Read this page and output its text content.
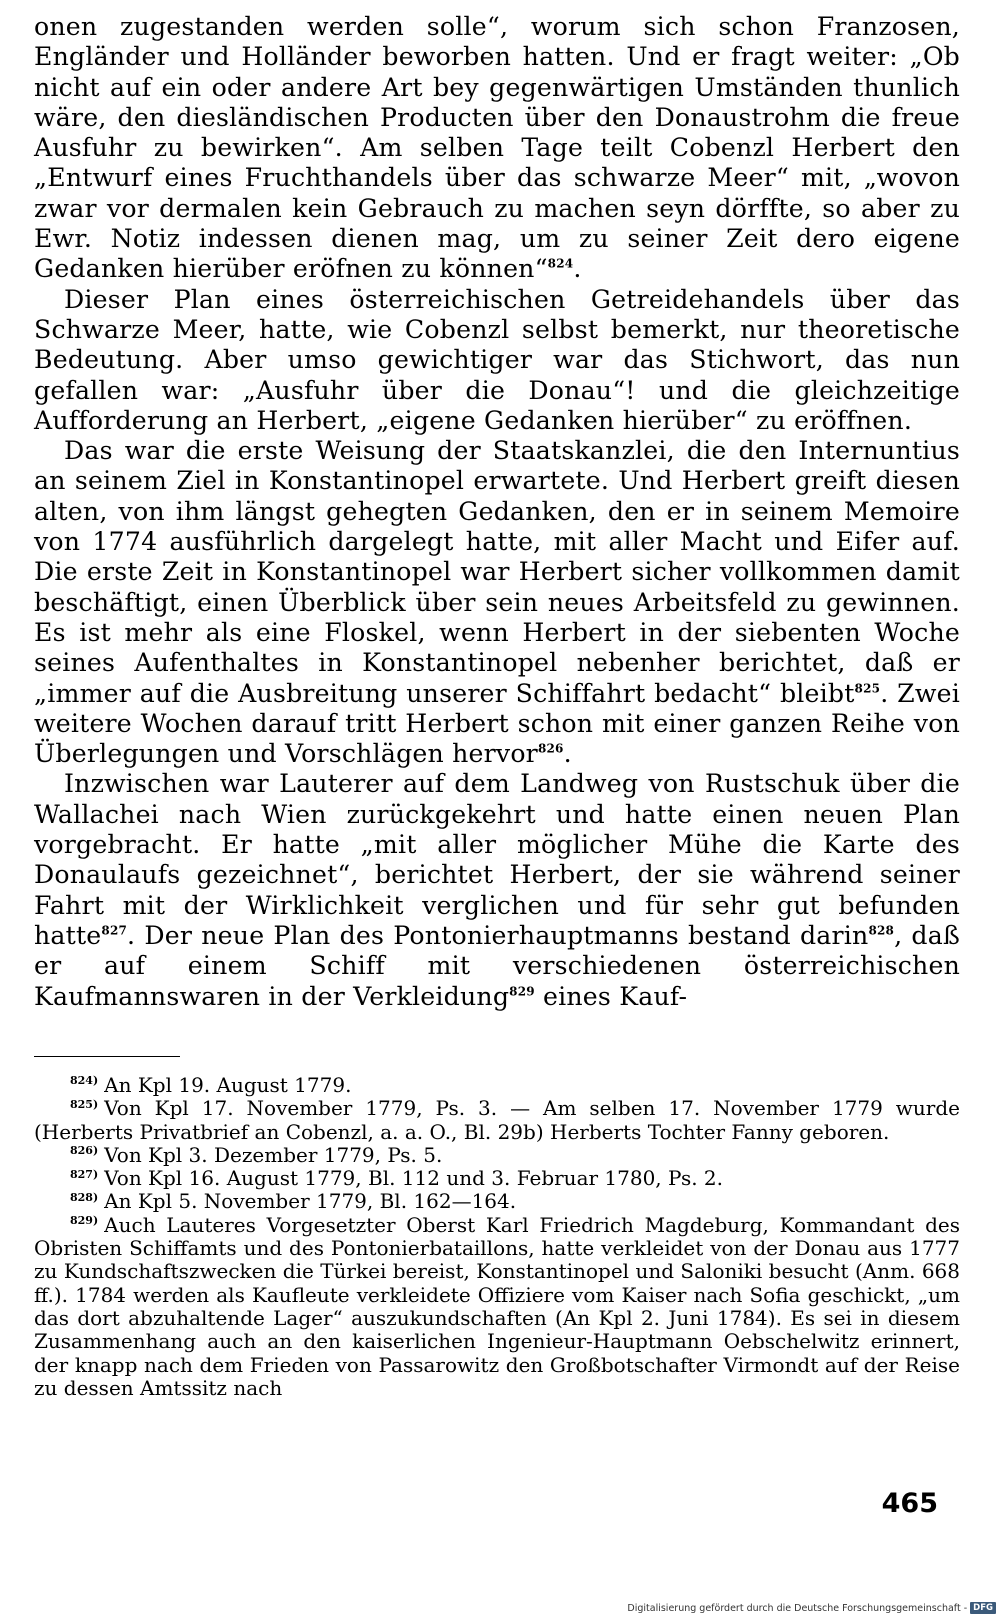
onen zugestanden werden solle“, worum sich schon Franzosen, Engländer und Holländer beworben hatten. Und er fragt weiter: „Ob nicht auf ein oder andere Art bey gegenwärtigen Umständen thunlich wäre, den diesländischen Producten über den Donaustrohm die freue Ausfuhr zu bewirken“. Am selben Tage teilt Cobenzl Herbert den „Entwurf eines Fruchthandels über das schwarze Meer“ mit, „wovon zwar vor dermalen kein Gebrauch zu machen seyn dörffte, so aber zu Ewr. Notiz indessen dienen mag, um zu seiner Zeit dero eigene Gedanken hierüber eröfnen zu können“$^{824}$.

Dieser Plan eines österreichischen Getreidehandels über das Schwarze Meer, hatte, wie Cobenzl selbst bemerkt, nur theoretische Bedeutung. Aber umso gewichtiger war das Stichwort, das nun gefallen war: „Ausfuhr über die Donau“! und die gleichzeitige Aufforderung an Herbert, „eigene Gedanken hierüber“ zu eröffnen.

Das war die erste Weisung der Staatskanzlei, die den Internuntius an seinem Ziel in Konstantinopel erwartete. Und Herbert greift diesen alten, von ihm längst gehegten Gedanken, den er in seinem Memoire von 1774 ausführlich dargelegt hatte, mit aller Macht und Eifer auf. Die erste Zeit in Konstantinopel war Herbert sicher vollkommen damit beschäftigt, einen Überblick über sein neues Arbeitsfeld zu gewinnen. Es ist mehr als eine Floskel, wenn Herbert in der siebenten Woche seines Aufenthaltes in Konstantinopel nebenher berichtet, daß er „immer auf die Ausbreitung unserer Schiffahrt bedacht“ bleibt$^{825}$. Zwei weitere Wochen darauf tritt Herbert schon mit einer ganzen Reihe von Überlegungen und Vorschlägen hervor$^{826}$.

Inzwischen war Lauterer auf dem Landweg von Rustschuk über die Wallachei nach Wien zurückgekehrt und hatte einen neuen Plan vorgebracht. Er hatte „mit aller möglicher Mühe die Karte des Donaulaufs gezeichnet“, berichtet Herbert, der sie während seiner Fahrt mit der Wirklichkeit verglichen und für sehr gut befunden hatte$^{827}$. Der neue Plan des Pontonierhauptmanns bestand darin$^{828}$, daß er auf einem Schiff mit verschiedenen österreichischen Kaufmannswaren in der Verkleidung$^{829}$ eines Kauf-

$^{824)}$ An Kpl 19. August 1779.

$^{825)}$ Von Kpl 17. November 1779, Ps. 3. — Am selben 17. November 1779 wurde (Herberts Privatbrief an Cobenzl, a. a. O., Bl. 29b) Herberts Tochter Fanny geboren.

$^{826)}$ Von Kpl 3. Dezember 1779, Ps. 5.

$^{827)}$ Von Kpl 16. August 1779, Bl. 112 und 3. Februar 1780, Ps. 2.

$^{828)}$ An Kpl 5. November 1779, Bl. 162—164.

$^{829)}$ Auch Lauteres Vorgesetzter Oberst Karl Friedrich Magdeburg, Kommandant des Obristen Schiffamts und des Pontonierbataillons, hatte verkleidet von der Donau aus 1777 zu Kundschaftszwecken die Türkei bereist, Konstantinopel und Saloniki besucht (Anm. 668 ff.). 1784 werden als Kaufleute verkleidete Offiziere vom Kaiser nach Sofia geschickt, „um das dort abzuhaltende Lager“ auszukundschaften (An Kpl 2. Juni 1784). Es sei in diesem Zusammenhang auch an den kaiserlichen Ingenieur-Hauptmann Oebschelwitz erinnert, der knapp nach dem Frieden von Passarowitz den Großbotschafter Virmondt auf der Reise zu dessen Amtssitz nach

465
Digitalisierung gefördert durch die Deutsche Forschungsgemeinschaft - DFG
